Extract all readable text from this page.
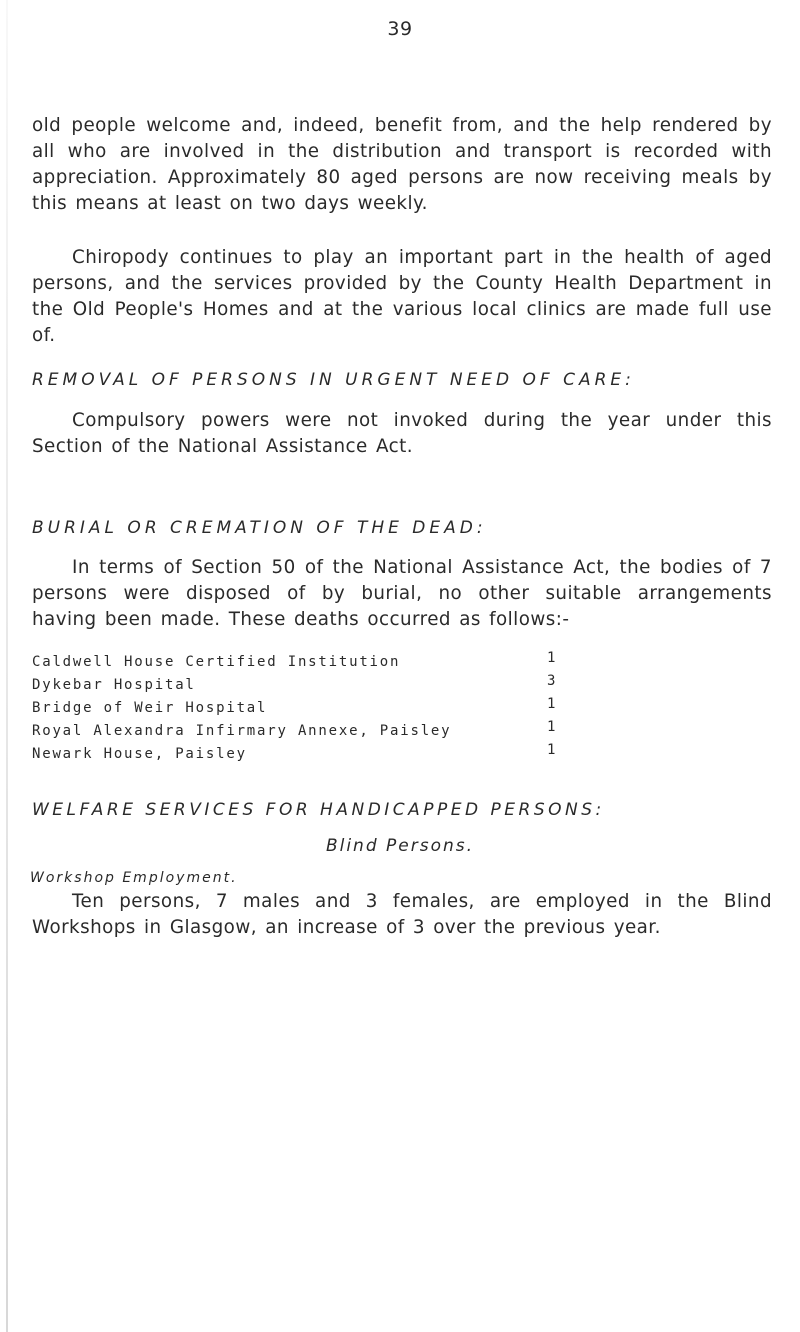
39

old people welcome and, indeed, benefit from, and the help rendered by all who are involved in the distribution and transport is recorded with appreciation. Approximately 80 aged persons are now receiving meals by this means at least on two days weekly.

Chiropody continues to play an important part in the health of aged persons, and the services provided by the County Health Department in the Old People's Homes and at the various local clinics are made full use of.

REMOVAL OF PERSONS IN URGENT NEED OF CARE:

Compulsory powers were not invoked during the year under this Section of the National Assistance Act.

BURIAL OR CREMATION OF THE DEAD:

In terms of Section 50 of the National Assistance Act, the bodies of 7 persons were disposed of by burial, no other suitable arrangements having been made. These deaths occurred as follows:-

Caldwell House Certified Institution	1
Dykebar Hospital	3
Bridge of Weir Hospital	1
Royal Alexandra Infirmary Annexe, Paisley	1
Newark House, Paisley	1
WELFARE SERVICES FOR HANDICAPPED PERSONS:
Blind Persons.
Workshop Employment.

Ten persons, 7 males and 3 females, are employed in the Blind Workshops in Glasgow, an increase of 3 over the previous year.
